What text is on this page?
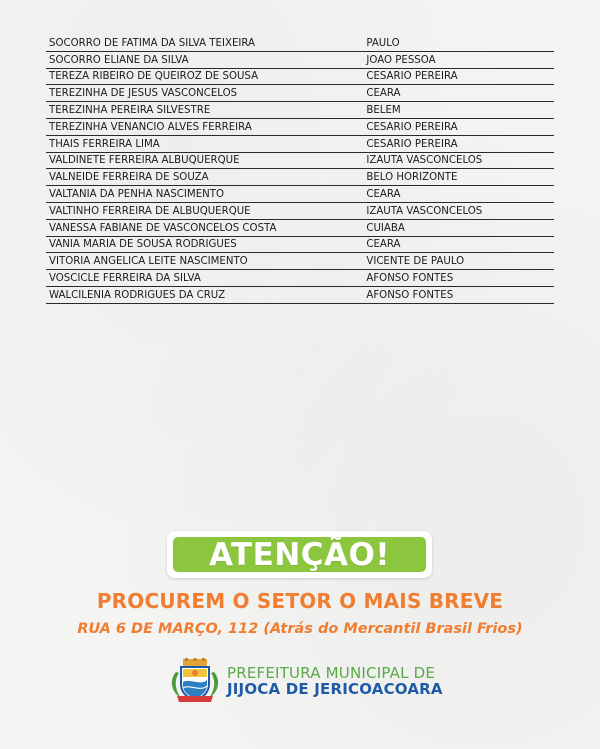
SOCORRO DE FATIMA DA SILVA TEIXEIRA	PAULO
SOCORRO ELIANE DA SILVA	JOAO PESSOA
TEREZA RIBEIRO DE QUEIROZ DE SOUSA	CESARIO PEREIRA
TEREZINHA DE JESUS VASCONCELOS	CEARA
TEREZINHA PEREIRA SILVESTRE	BELEM
TEREZINHA VENANCIO ALVES FERREIRA	CESARIO PEREIRA
THAIS FERREIRA LIMA	CESARIO PEREIRA
VALDINETE FERREIRA ALBUQUERQUE	IZAUTA VASCONCELOS
VALNEIDE FERREIRA DE SOUZA	BELO HORIZONTE
VALTANIA DA PENHA NASCIMENTO	CEARA
VALTINHO FERREIRA DE ALBUQUERQUE	IZAUTA VASCONCELOS
VANESSA FABIANE DE VASCONCELOS COSTA	CUIABA
VANIA MARIA DE SOUSA RODRIGUES	CEARA
VITORIA ANGELICA LEITE NASCIMENTO	VICENTE DE PAULO
VOSCICLE FERREIRA DA SILVA	AFONSO FONTES
WALCILENIA RODRIGUES DA CRUZ	AFONSO FONTES
ATENÇÃO!
PROCUREM O SETOR O MAIS BREVE
RUA 6 DE MARÇO, 112 (Atrás do Mercantil Brasil Frios)
PREFEITURA MUNICIPAL DE
JIJOCA DE JERICOACOARA
